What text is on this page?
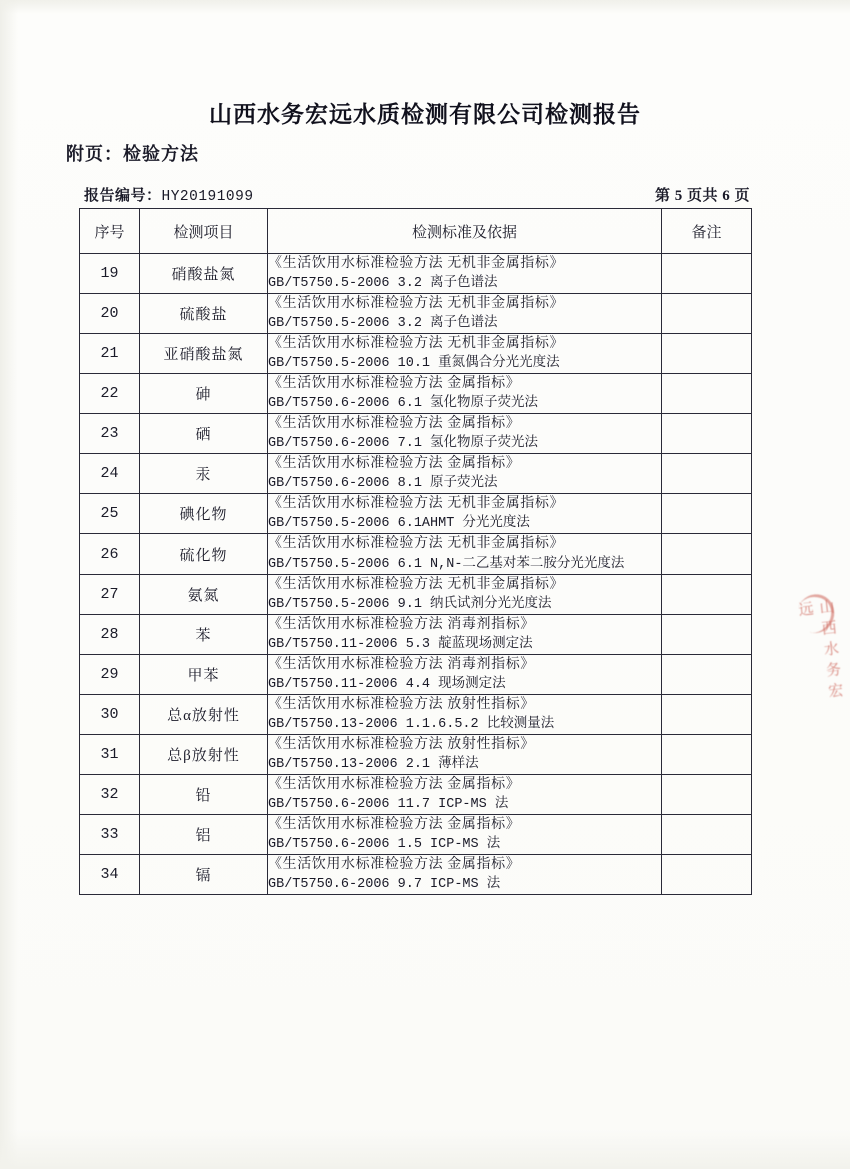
山西水务宏远水质检测有限公司检测报告
附页：检验方法
报告编号：HY20191099	第 5 页共 6 页
序号	检测项目	检测标准及依据	备注
19	硝酸盐氮	《生活饮用水标准检验方法 无机非金属指标》
GB/T5750.5-2006 3.2 离子色谱法	

20	硫酸盐	《生活饮用水标准检验方法 无机非金属指标》
GB/T5750.5-2006 3.2 离子色谱法	

21	亚硝酸盐氮	《生活饮用水标准检验方法 无机非金属指标》
GB/T5750.5-2006 10.1 重氮偶合分光光度法	

22	砷	《生活饮用水标准检验方法 金属指标》
GB/T5750.6-2006 6.1 氢化物原子荧光法	

23	硒	《生活饮用水标准检验方法 金属指标》
GB/T5750.6-2006 7.1 氢化物原子荧光法	

24	汞	《生活饮用水标准检验方法 金属指标》
GB/T5750.6-2006 8.1 原子荧光法	

25	碘化物	《生活饮用水标准检验方法 无机非金属指标》
GB/T5750.5-2006 6.1AHMT 分光光度法	

26	硫化物	《生活饮用水标准检验方法 无机非金属指标》
GB/T5750.5-2006 6.1 N,N-二乙基对苯二胺分光光度法	

27	氨氮	《生活饮用水标准检验方法 无机非金属指标》
GB/T5750.5-2006 9.1 纳氏试剂分光光度法	

28	苯	《生活饮用水标准检验方法 消毒剂指标》
GB/T5750.11-2006 5.3 靛蓝现场测定法	

29	甲苯	《生活饮用水标准检验方法 消毒剂指标》
GB/T5750.11-2006 4.4 现场测定法	

30	总α放射性	《生活饮用水标准检验方法 放射性指标》
GB/T5750.13-2006 1.1.6.5.2 比较测量法	

31	总β放射性	《生活饮用水标准检验方法 放射性指标》
GB/T5750.13-2006 2.1 薄样法	

32	铅	《生活饮用水标准检验方法 金属指标》
GB/T5750.6-2006 11.7 ICP-MS 法	

33	铝	《生活饮用水标准检验方法 金属指标》
GB/T5750.6-2006 1.5 ICP-MS 法	

34	镉	《生活饮用水标准检验方法 金属指标》
GB/T5750.6-2006 9.7 ICP-MS 法	

山西水务宏远
